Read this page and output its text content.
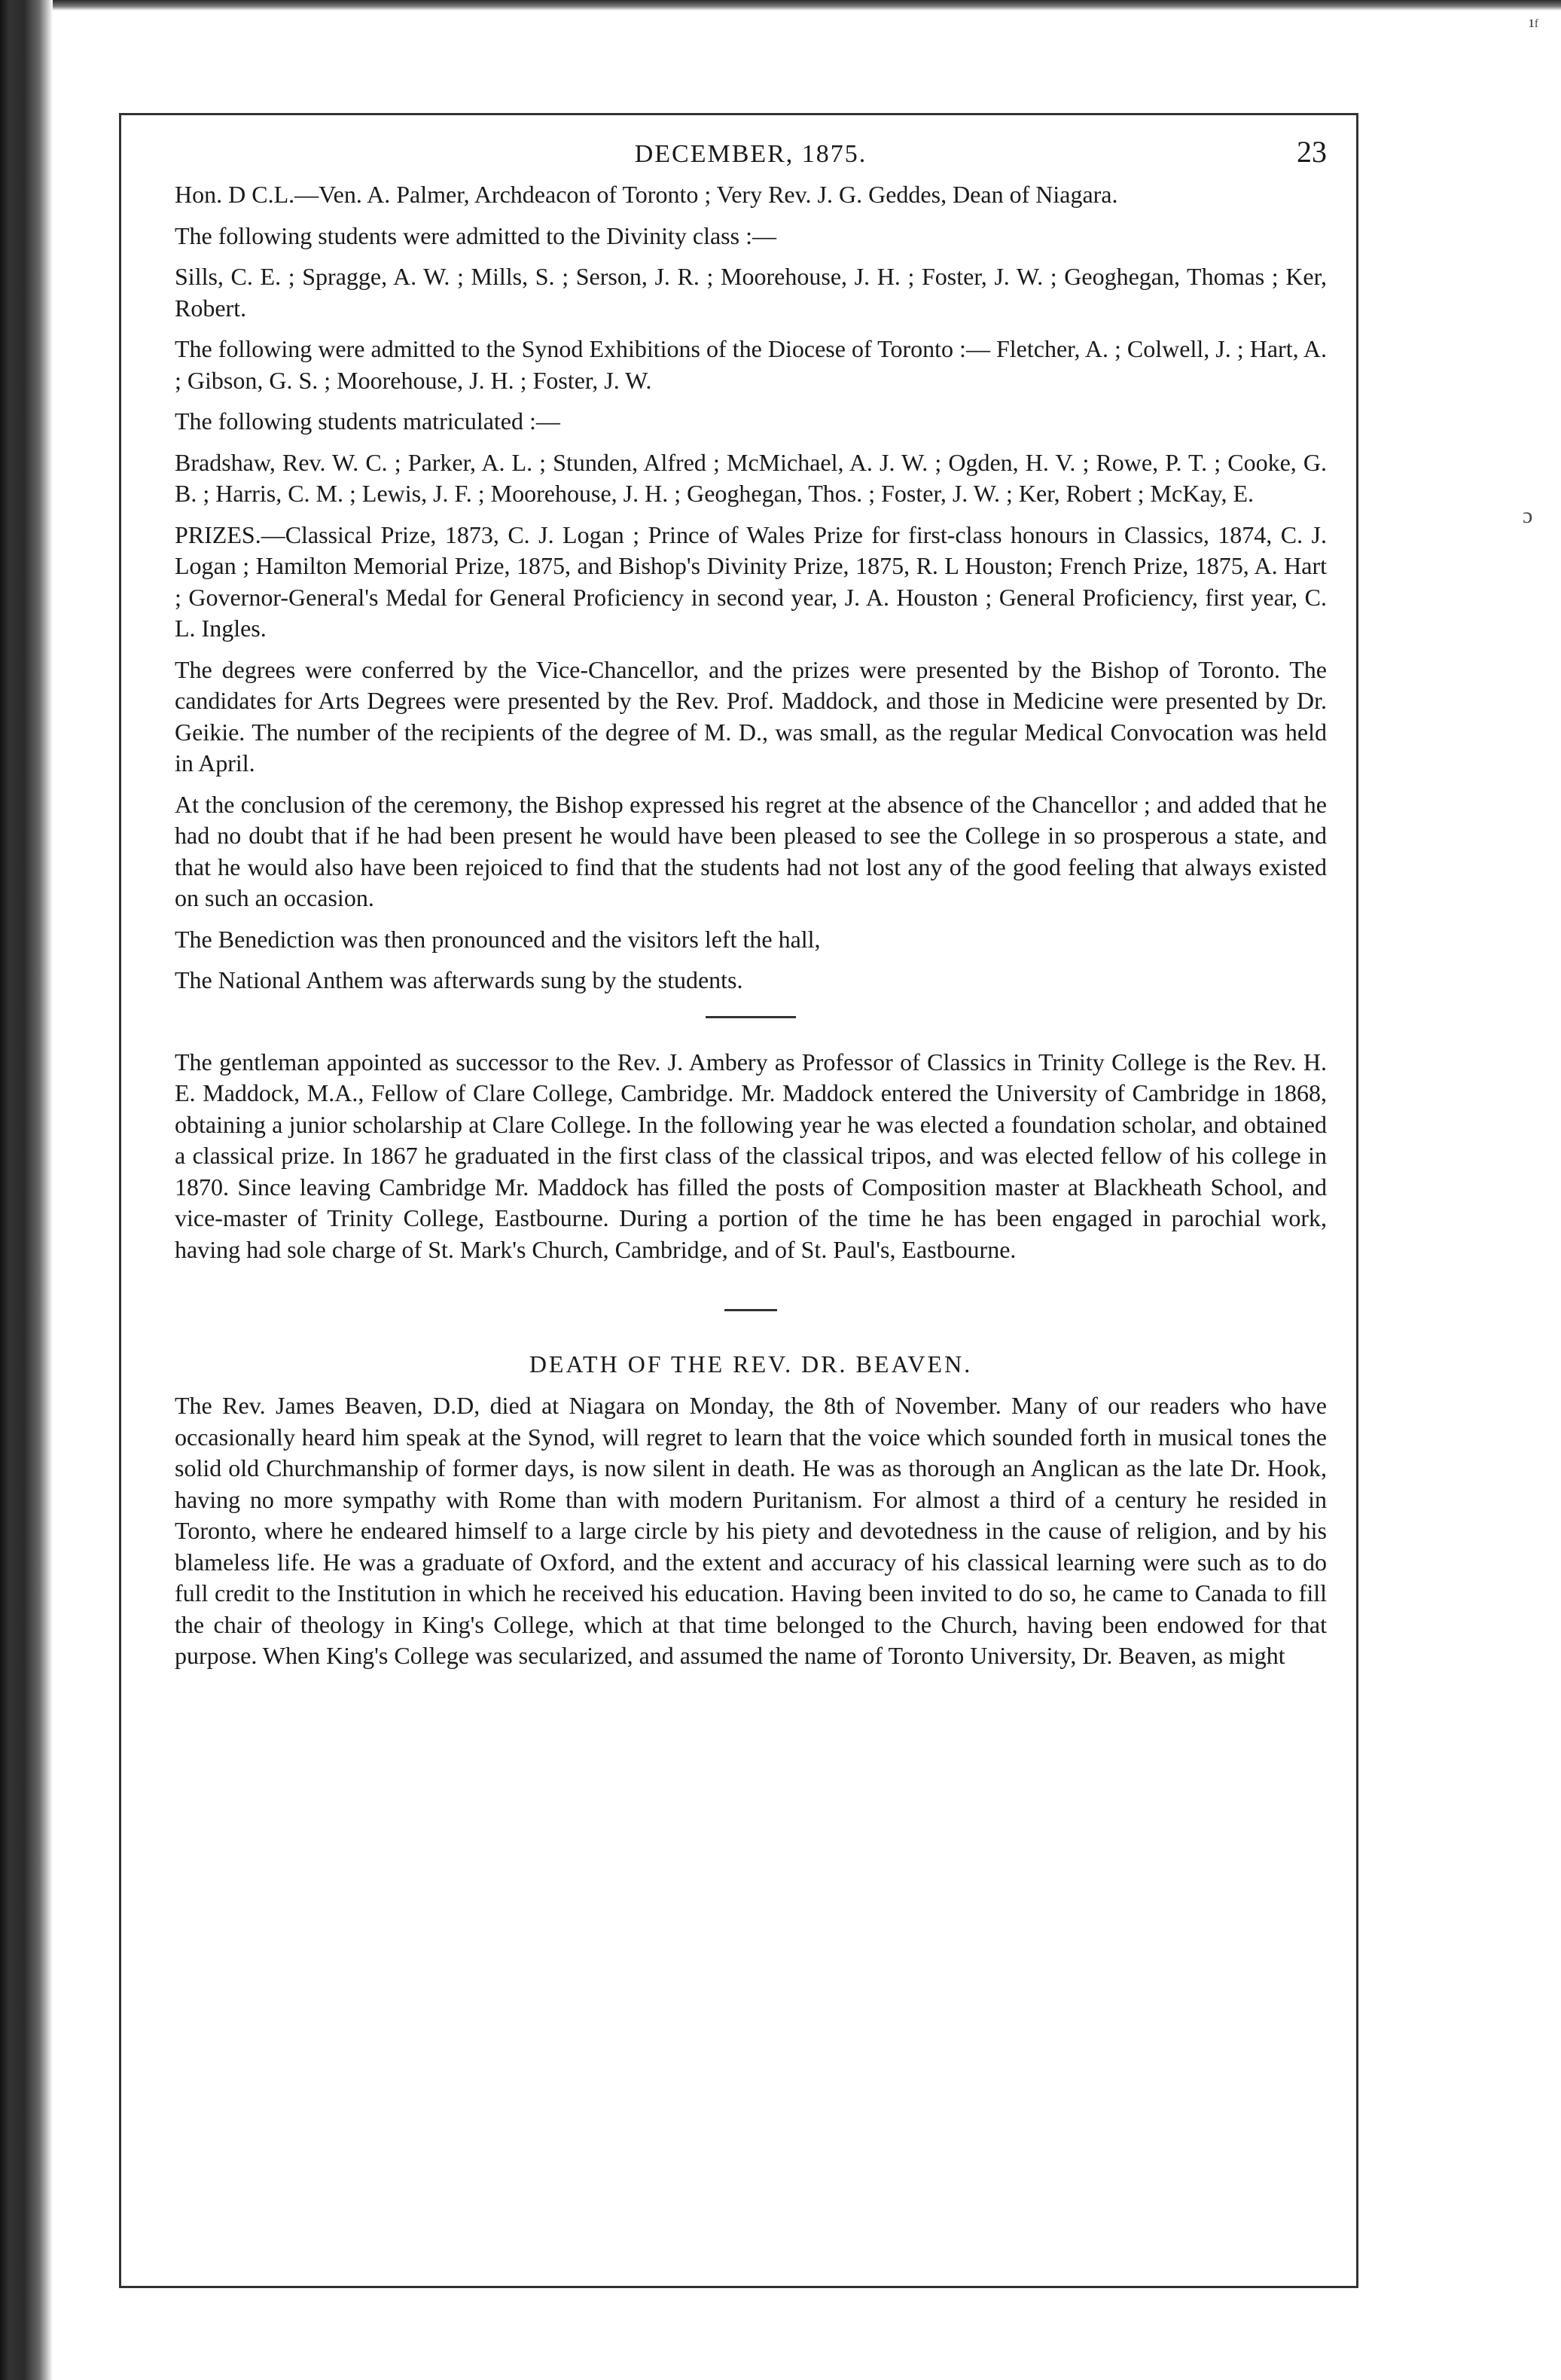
¹ᶠ
ɔ
DECEMBER, 1875.	23

Hon. D C.L.—Ven. A. Palmer, Archdeacon of Toronto ; Very Rev. J. G. Geddes, Dean of Niagara.

The following students were admitted to the Divinity class :—

Sills, C. E. ; Spragge, A. W. ; Mills, S. ; Serson, J. R. ; Moorehouse, J. H. ; Foster, J. W. ; Geoghegan, Thomas ; Ker, Robert.

The following were admitted to the Synod Exhibitions of the Diocese of Toronto :— Fletcher, A. ; Colwell, J. ; Hart, A. ; Gibson, G. S. ; Moorehouse, J. H. ; Foster, J. W.

The following students matriculated :—

Bradshaw, Rev. W. C. ; Parker, A. L. ; Stunden, Alfred ; McMichael, A. J. W. ; Ogden, H. V. ; Rowe, P. T. ; Cooke, G. B. ; Harris, C. M. ; Lewis, J. F. ; Moorehouse, J. H. ; Geoghegan, Thos. ; Foster, J. W. ; Ker, Robert ; McKay, E.

PRIZES.—Classical Prize, 1873, C. J. Logan ; Prince of Wales Prize for first-class honours in Classics, 1874, C. J. Logan ; Hamilton Memorial Prize, 1875, and Bishop's Divinity Prize, 1875, R. L Houston; French Prize, 1875, A. Hart ; Governor-General's Medal for General Proficiency in second year, J. A. Houston ; General Proficiency, first year, C. L. Ingles.

The degrees were conferred by the Vice-Chancellor, and the prizes were presented by the Bishop of Toronto. The candidates for Arts Degrees were presented by the Rev. Prof. Maddock, and those in Medicine were presented by Dr. Geikie. The number of the recipients of the degree of M. D., was small, as the regular Medical Convocation was held in April.

At the conclusion of the ceremony, the Bishop expressed his regret at the absence of the Chancellor ; and added that he had no doubt that if he had been present he would have been pleased to see the College in so prosperous a state, and that he would also have been rejoiced to find that the students had not lost any of the good feeling that always existed on such an occasion.

The Benediction was then pronounced and the visitors left the hall,

The National Anthem was afterwards sung by the students.

The gentleman appointed as successor to the Rev. J. Ambery as Professor of Classics in Trinity College is the Rev. H. E. Maddock, M.A., Fellow of Clare College, Cambridge. Mr. Maddock entered the University of Cambridge in 1868, obtaining a junior scholarship at Clare College. In the following year he was elected a foundation scholar, and obtained a classical prize. In 1867 he graduated in the first class of the classical tripos, and was elected fellow of his college in 1870. Since leaving Cambridge Mr. Maddock has filled the posts of Composition master at Blackheath School, and vice-master of Trinity College, Eastbourne. During a portion of the time he has been engaged in parochial work, having had sole charge of St. Mark's Church, Cambridge, and of St. Paul's, Eastbourne.

DEATH OF THE REV. DR. BEAVEN.

The Rev. James Beaven, D.D, died at Niagara on Monday, the 8th of November. Many of our readers who have occasionally heard him speak at the Synod, will regret to learn that the voice which sounded forth in musical tones the solid old Churchmanship of former days, is now silent in death. He was as thorough an Anglican as the late Dr. Hook, having no more sympathy with Rome than with modern Puritanism. For almost a third of a century he resided in Toronto, where he endeared himself to a large circle by his piety and devotedness in the cause of religion, and by his blameless life. He was a graduate of Oxford, and the extent and accuracy of his classical learning were such as to do full credit to the Institution in which he received his education. Having been invited to do so, he came to Canada to fill the chair of theology in King's College, which at that time belonged to the Church, having been endowed for that purpose. When King's College was secularized, and assumed the name of Toronto University, Dr. Beaven, as might
